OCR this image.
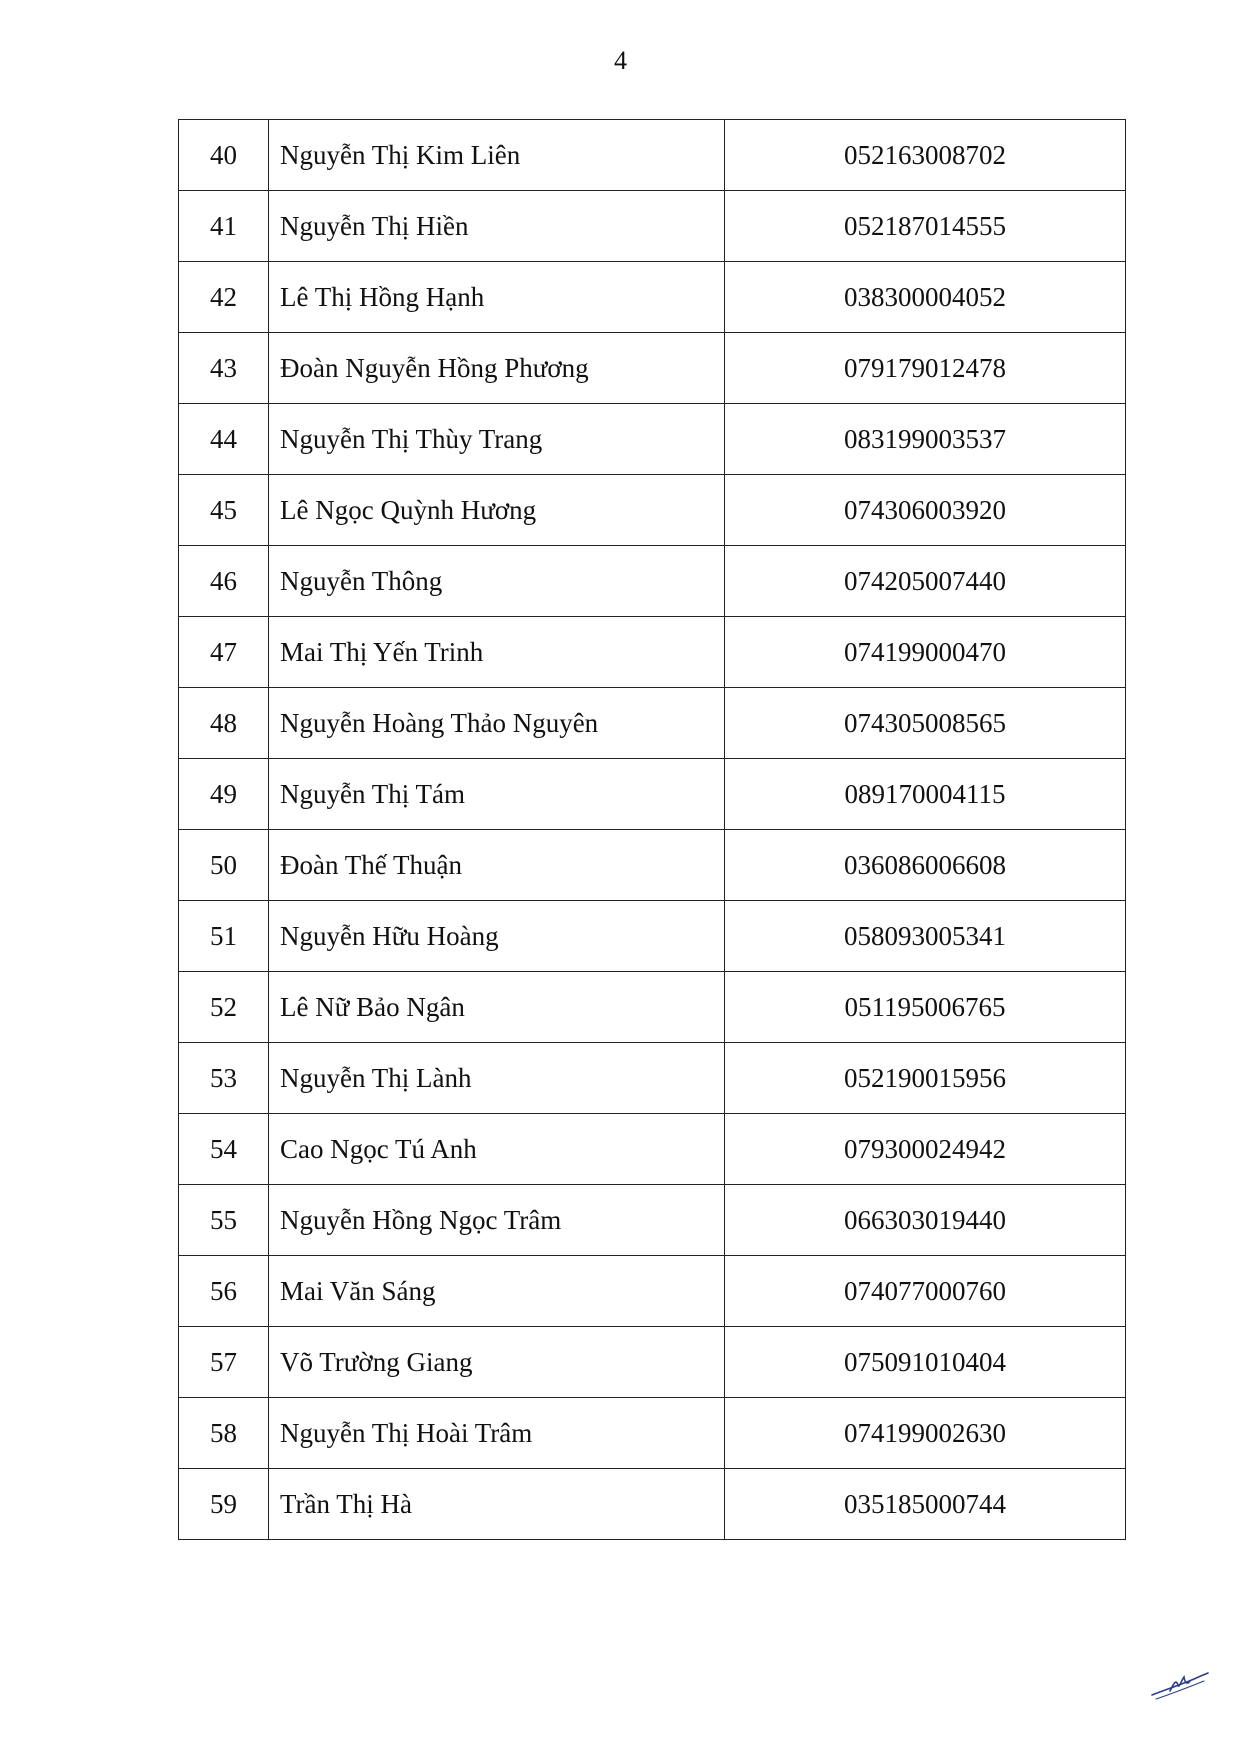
4
40	Nguyễn Thị Kim Liên	052163008702
41	Nguyễn Thị Hiền	052187014555
42	Lê Thị Hồng Hạnh	038300004052
43	Đoàn Nguyễn Hồng Phương	079179012478
44	Nguyễn Thị Thùy Trang	083199003537
45	Lê Ngọc Quỳnh Hương	074306003920
46	Nguyễn Thông	074205007440
47	Mai Thị Yến Trinh	074199000470
48	Nguyễn Hoàng Thảo Nguyên	074305008565
49	Nguyễn Thị Tám	089170004115
50	Đoàn Thế Thuận	036086006608
51	Nguyễn Hữu Hoàng	058093005341
52	Lê Nữ Bảo Ngân	051195006765
53	Nguyễn Thị Lành	052190015956
54	Cao Ngọc Tú Anh	079300024942
55	Nguyễn Hồng Ngọc Trâm	066303019440
56	Mai Văn Sáng	074077000760
57	Võ Trường Giang	075091010404
58	Nguyễn Thị Hoài Trâm	074199002630
59	Trần Thị Hà	035185000744
